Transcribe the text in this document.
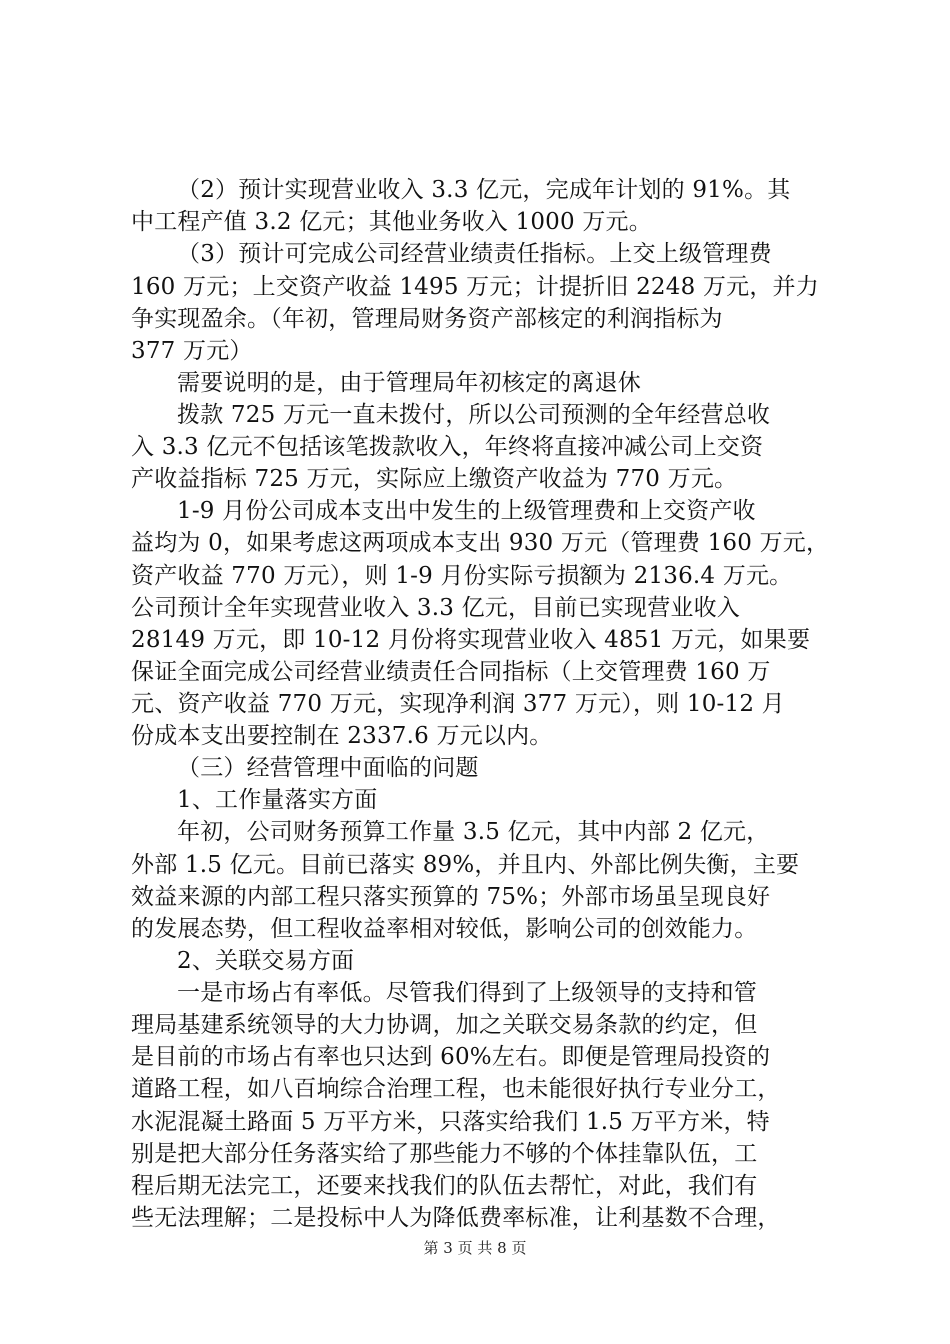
（2）预计实现营业收入 3.3 亿元，完成年计划的 91%。其
中工程产值 3.2 亿元；其他业务收入 1000 万元。
（3）预计可完成公司经营业绩责任指标。上交上级管理费
160 万元；上交资产收益 1495 万元；计提折旧 2248 万元，并力
争实现盈余。（年初，管理局财务资产部核定的利润指标为
377 万元）
需要说明的是，由于管理局年初核定的离退休
拨款 725 万元一直未拨付，所以公司预测的全年经营总收
入 3.3 亿元不包括该笔拨款收入，年终将直接冲减公司上交资
产收益指标 725 万元，实际应上缴资产收益为 770 万元。
1-9 月份公司成本支出中发生的上级管理费和上交资产收
益均为 0，如果考虑这两项成本支出 930 万元（管理费 160 万元，
资产收益 770 万元），则 1-9 月份实际亏损额为 2136.4 万元。
公司预计全年实现营业收入 3.3 亿元，目前已实现营业收入
28149 万元，即 10-12 月份将实现营业收入 4851 万元，如果要
保证全面完成公司经营业绩责任合同指标（上交管理费 160 万
元、资产收益 770 万元，实现净利润 377 万元），则 10-12 月
份成本支出要控制在 2337.6 万元以内。
（三）经营管理中面临的问题
1、工作量落实方面
年初，公司财务预算工作量 3.5 亿元，其中内部 2 亿元，
外部 1.5 亿元。目前已落实 89%，并且内、外部比例失衡，主要
效益来源的内部工程只落实预算的 75%；外部市场虽呈现良好
的发展态势，但工程收益率相对较低，影响公司的创效能力。
2、关联交易方面
一是市场占有率低。尽管我们得到了上级领导的支持和管
理局基建系统领导的大力协调，加之关联交易条款的约定，但
是目前的市场占有率也只达到 60%左右。即便是管理局投资的
道路工程，如八百垧综合治理工程，也未能很好执行专业分工，
水泥混凝土路面 5 万平方米，只落实给我们 1.5 万平方米，特
别是把大部分任务落实给了那些能力不够的个体挂靠队伍，工
程后期无法完工，还要来找我们的队伍去帮忙，对此，我们有
些无法理解；二是投标中人为降低费率标准，让利基数不合理，
第 3 页 共 8 页
